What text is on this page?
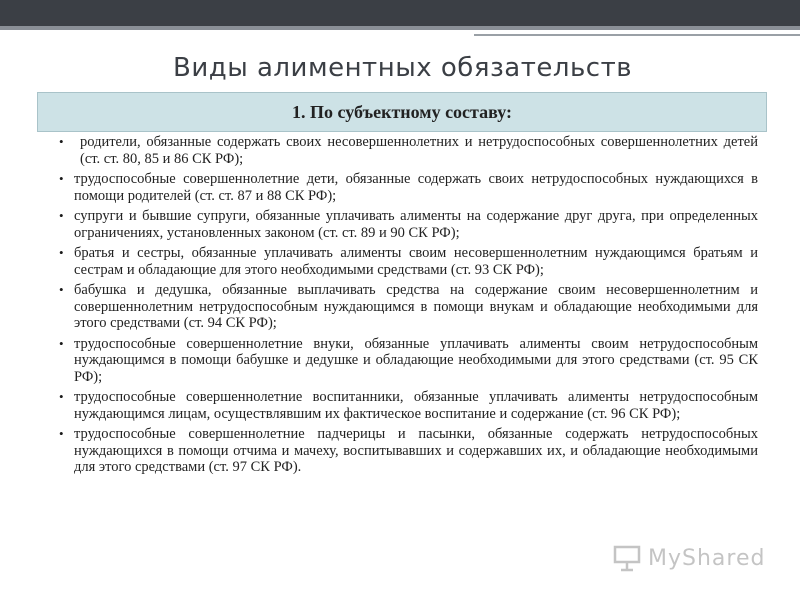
Виды алиментных обязательств
1. По субъектному составу:
• родители, обязанные содержать своих несовершеннолетних и нетрудоспособных совершеннолетних детей (ст. ст. 80, 85 и 86 СК РФ);
• трудоспособные совершеннолетние дети, обязанные содержать своих нетрудоспособных нуждающихся в помощи родителей (ст. ст. 87 и 88 СК РФ);
• супруги и бывшие супруги, обязанные уплачивать алименты на содержание друг друга, при определенных ограничениях, установленных законом (ст. ст. 89 и 90 СК РФ);
• братья и сестры, обязанные уплачивать алименты своим несовершеннолетним нуждающимся братьям и сестрам и обладающие для этого необходимыми средствами (ст. 93 СК РФ);
• бабушка и дедушка, обязанные выплачивать средства на содержание своим несовершеннолетним и совершеннолетним нетрудоспособным нуждающимся в помощи внукам и обладающие необходимыми для этого средствами (ст. 94 СК РФ);
• трудоспособные совершеннолетние внуки, обязанные уплачивать алименты своим нетрудоспособным нуждающимся в помощи бабушке и дедушке и обладающие необходимыми для этого средствами (ст. 95 СК РФ);
• трудоспособные совершеннолетние воспитанники, обязанные уплачивать алименты нетрудоспособным нуждающимся лицам, осуществлявшим их фактическое воспитание и содержание (ст. 96 СК РФ);
• трудоспособные совершеннолетние падчерицы и пасынки, обязанные содержать нетрудоспособных нуждающихся в помощи отчима и мачеху, воспитывавших и содержавших их, и обладающие необходимыми для этого средствами (ст. 97 СК РФ).
MyShared
